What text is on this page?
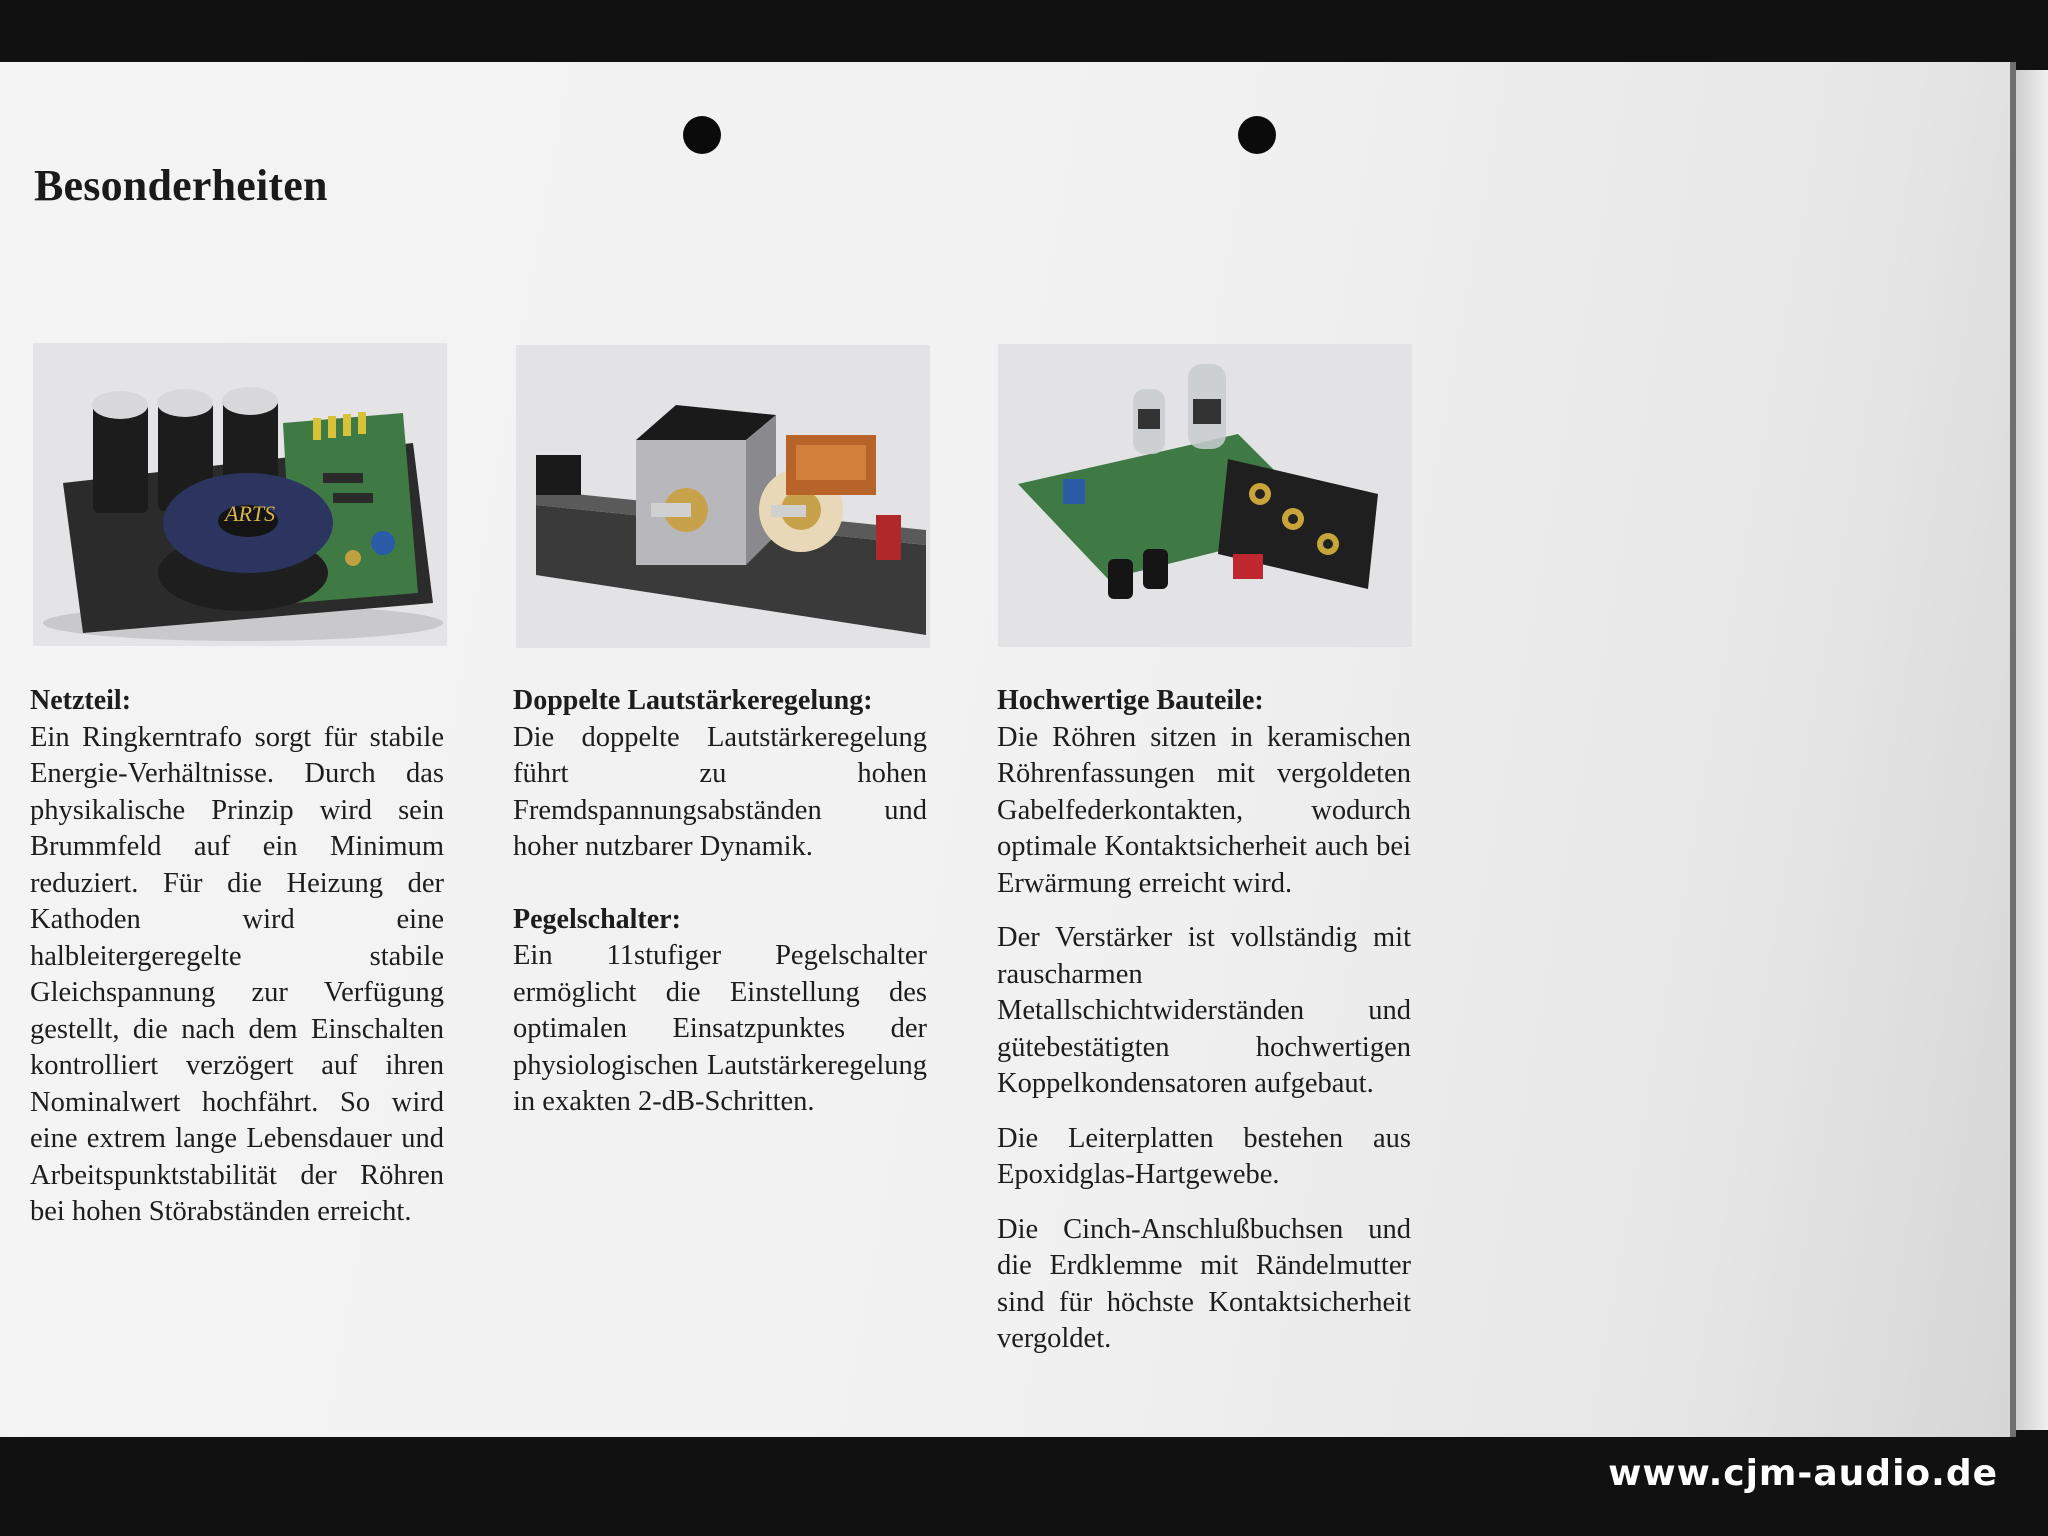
Besonderheiten
ARTS
Netzteil:

Ein Ringkerntrafo sorgt für stabile Energie-Verhältnisse. Durch das physikalische Prinzip wird sein Brummfeld auf ein Minimum reduziert. Für die Heizung der Kathoden wird eine halbleitergeregelte stabile Gleichspannung zur Verfügung gestellt, die nach dem Einschalten kontrolliert verzögert auf ihren Nominalwert hochfährt. So wird eine extrem lange Lebensdauer und Arbeitspunktstabilität der Röhren bei hohen Störabständen erreicht.

Doppelte Lautstärkeregelung:

Die doppelte Lautstärkeregelung führt zu hohen Fremdspannungsabständen und hoher nutzbarer Dynamik.

Pegelschalter:

Ein 11stufiger Pegelschalter ermöglicht die Einstellung des optimalen Einsatzpunktes der physiologischen Lautstärkeregelung in exakten 2-dB-Schritten.

Hochwertige Bauteile:

Die Röhren sitzen in keramischen Röhrenfassungen mit vergoldeten Gabelfederkontakten, wodurch optimale Kontaktsicherheit auch bei Erwärmung erreicht wird.

Der Verstärker ist vollständig mit rauscharmen Metallschichtwiderständen und gütebestätigten hochwertigen Koppelkondensatoren aufgebaut.

Die Leiterplatten bestehen aus Epoxidglas-Hartgewebe.

Die Cinch-Anschlußbuchsen und die Erdklemme mit Rändelmutter sind für höchste Kontaktsicherheit vergoldet.

www.cjm-audio.de
